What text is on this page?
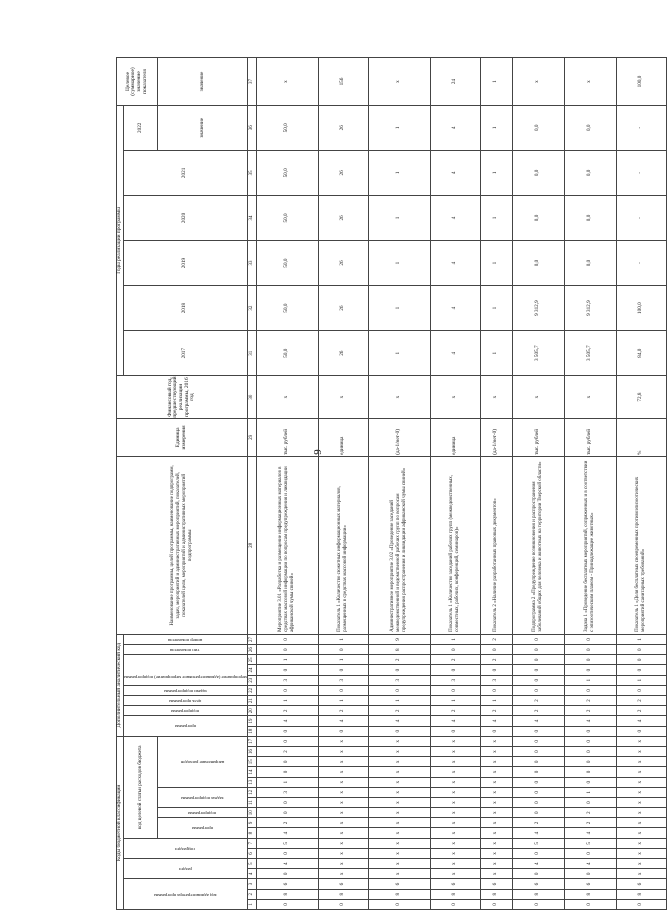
9
Коды бюджетной классификации																	Дополнительный аналитический код										Наименование программы, целей программы, наименование подпрограмм, задач, мероприятий и административных мероприятий, показателей, показателей цели, мероприятий и административных мероприятий подпрограммы	Единица измерения	Финансовый год, предшествующий реализации программы, 2016 год	Годы реализации программы						Целевое (суммарное) значение показателя

код администратора программы			раздел		подраздел		код целевой статьи расходов бюджета										программа		подпрограмма	цель программы	задачи подпрограммы	мероприятие (административное мероприятие) подпрограммы			тип показателя	номер показателя				2017	2018	2019	2020	2021	2022	

							программа		подпрограмма	задача подпрограммы		направление расходов																							значение	значение
1	2	3	4	5	6	7	8	9	10	11	12	13	14	15	16	17	18	19	20	21	22	23	24	25	26	27	28	29	30	31	32	33	34	35	36	37
0	8	6	0	4	0	5	4	2	0	0	3	1	0	0	2	0	0	4	2	1	0	3	0	1	0	0	Мероприятие 3.01 «Разработка и размещение информационных материалов в средствах массовой информации по вопросам предупреждения и ликвидации африканской чумы свиней»	тыс. рублей	х	50,0	50,0	50,0	50,0	50,0	50,0	х
0	8	6	х	х	х	х	х	х	х	х	х	х	х	х	х	х	0	4	2	1	0	3	0	1	0	1	Показатель 1 «Количество сюжетных информационных материалов, размещенных в средствах массовой информации»	единица	х	26	26	26	26	26	26	156
0	8	6	х	х	х	х	х	х	х	х	х	х	х	х	х	х	0	4	2	1	0	3	0	2	8	9	Административное мероприятие 3.02 «Проведение заседаний межведомственной и ведомственной рабочих групп по вопросам предупреждения распространения и ликвидации африканской чумы свиней»	(да-1/нет-0)	х	1	1	1	1	1	1	х
0	8	6	х	х	х	х	х	х	х	х	х	х	х	х	х	х	0	4	2	1	0	3	0	2	0	1	Показатель 1 «Количество заседаний рабочих групп (межведомственных, совместных, рабочих, конференций, семинаров)»	единица	х	4	4	4	4	4	4	24
0	8	6	х	х	х	х	х	х	х	х	х	х	х	х	х	х	0	4	2	1	0	3	0	2	0	2	Показатель 2 «Наличие разработанных правовых документов»	(да-1/нет-0)	х	1	1	1	1	1	1	1
0	8	6	0	4	0	5	4	2	0	0	0	0	0	0	0	0	0	4	2	2	0	0	0	0	0	0	Подпрограмма 2 «Предупреждение возникновения и распространения заболеваний общих для человека и животных на территории Тверской области»	тыс. рублей	х	3 505,7	9 312,9	0,0	0,0	0,0	0,0	х
0	8	6	0	4	0	5	4	2	2	0	1	0	0	0	0	0	0	4	2	2	0	1	0	0	0	0	Задача 1 «Проведение бесплатных мероприятий, сопряженных и в соответствии с эпизоотическим планом - Принадлежащее животных»	тыс. рублей	х	3 505,7	9 312,9	0,0	0,0	0,0	0,0	х
0	8	6	х	х	х	х	х	х	х	х	х	х	х	х	х	х	0	4	2	2	0	1	0	0	0	1	Показатель 1 «Доля бесплатных своевременных противоэпизоотических мероприятий санитарных требований»	%	72,8	84,0	100,0	-	-	-	-	100,0
